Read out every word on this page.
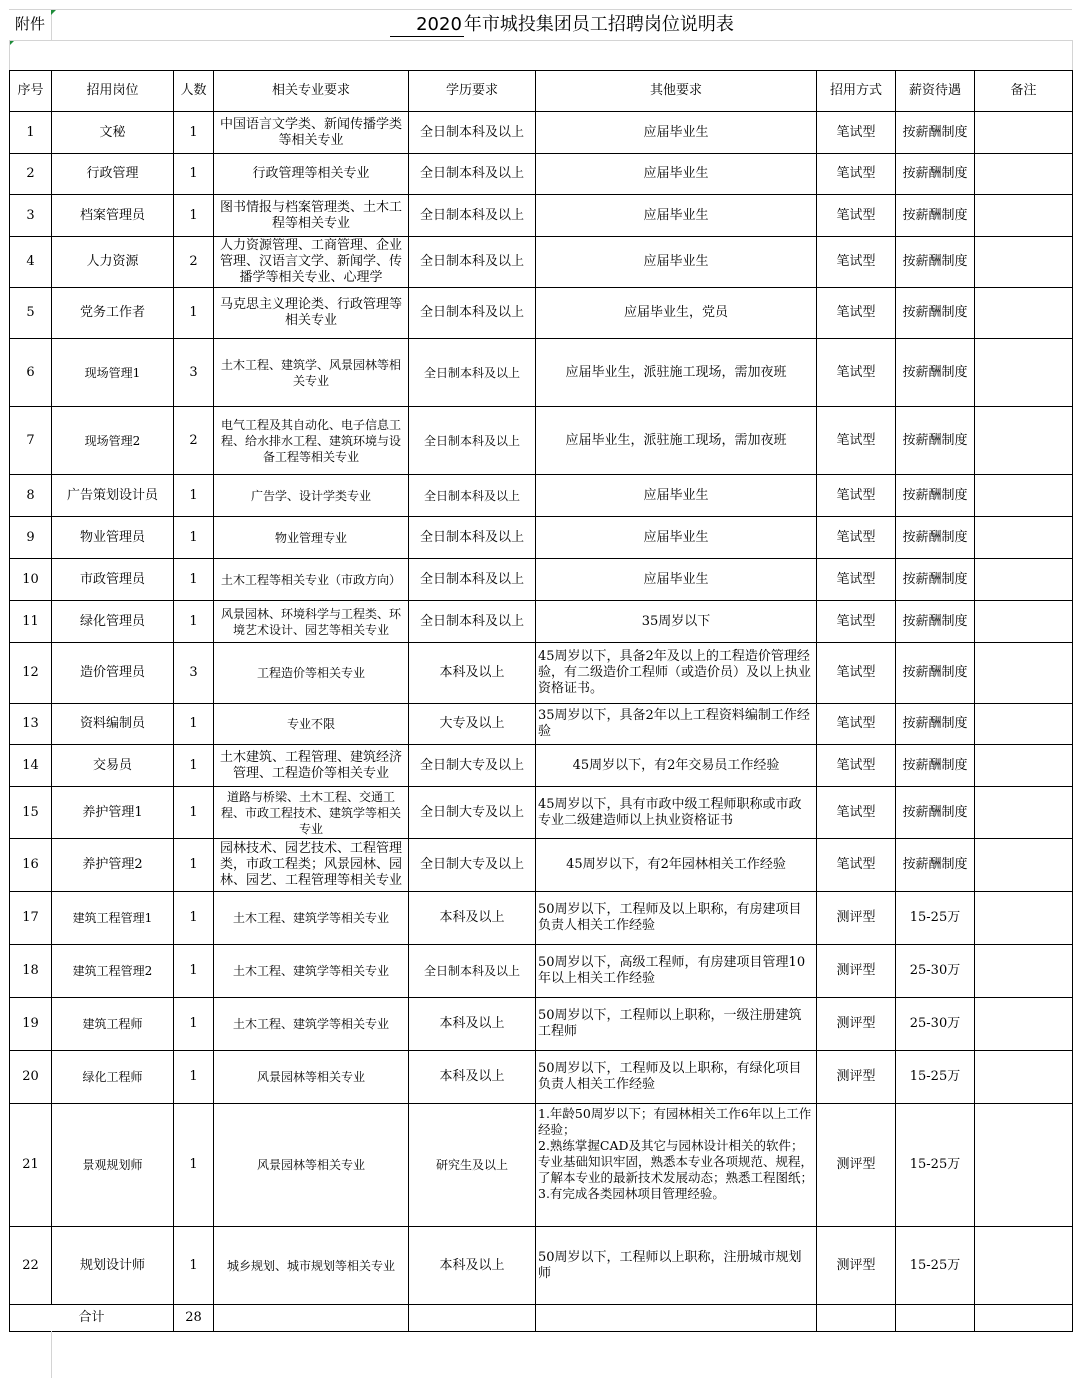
附件	2020 年市城投集团员工招聘岗位说明表
序号	招用岗位	人数	相关专业要求	学历要求	其他要求	招用方式	薪资待遇	备注
1	文秘	1	中国语言文学类、新闻传播学类等相关专业	全日制本科及以上	应届毕业生	笔试型	按薪酬制度	
2	行政管理	1	行政管理等相关专业	全日制本科及以上	应届毕业生	笔试型	按薪酬制度	
3	档案管理员	1	图书情报与档案管理类、土木工程等相关专业	全日制本科及以上	应届毕业生	笔试型	按薪酬制度	
4	人力资源	2	人力资源管理、工商管理、企业管理、汉语言文学、新闻学、传播学等相关专业、心理学	全日制本科及以上	应届毕业生	笔试型	按薪酬制度	
5	党务工作者	1	马克思主义理论类、行政管理等相关专业	全日制本科及以上	应届毕业生，党员	笔试型	按薪酬制度	
6	现场管理1	3	土木工程、建筑学、风景园林等相关专业	全日制本科及以上	应届毕业生，派驻施工现场，需加夜班	笔试型	按薪酬制度	
7	现场管理2	2	电气工程及其自动化、电子信息工程、给水排水工程、建筑环境与设备工程等相关专业	全日制本科及以上	应届毕业生，派驻施工现场，需加夜班	笔试型	按薪酬制度	
8	广告策划设计员	1	广告学、设计学类专业	全日制本科及以上	应届毕业生	笔试型	按薪酬制度	
9	物业管理员	1	物业管理专业	全日制本科及以上	应届毕业生	笔试型	按薪酬制度	
10	市政管理员	1	土木工程等相关专业（市政方向）	全日制本科及以上	应届毕业生	笔试型	按薪酬制度	
11	绿化管理员	1	风景园林、环境科学与工程类、环境艺术设计、园艺等相关专业	全日制本科及以上	35周岁以下	笔试型	按薪酬制度	
12	造价管理员	3	工程造价等相关专业	本科及以上	45周岁以下，具备2年及以上的工程造价管理经验，有二级造价工程师（或造价员）及以上执业资格证书。	笔试型	按薪酬制度	
13	资料编制员	1	专业不限	大专及以上	35周岁以下，具备2年以上工程资料编制工作经验	笔试型	按薪酬制度	
14	交易员	1	土木建筑、工程管理、建筑经济管理、工程造价等相关专业	全日制大专及以上	45周岁以下，有2年交易员工作经验	笔试型	按薪酬制度	
15	养护管理1	1	道路与桥梁、土木工程、交通工程、市政工程技术、建筑学等相关专业	全日制大专及以上	45周岁以下，具有市政中级工程师职称或市政专业二级建造师以上执业资格证书	笔试型	按薪酬制度	
16	养护管理2	1	园林技术、园艺技术、工程管理类，市政工程类；风景园林、园林、园艺、工程管理等相关专业	全日制大专及以上	45周岁以下，有2年园林相关工作经验	笔试型	按薪酬制度	
17	建筑工程管理1	1	土木工程、建筑学等相关专业	本科及以上	50周岁以下，工程师及以上职称，有房建项目负责人相关工作经验	测评型	15-25万	
18	建筑工程管理2	1	土木工程、建筑学等相关专业	全日制本科及以上	50周岁以下，高级工程师，有房建项目管理10年以上相关工作经验	测评型	25-30万	
19	建筑工程师	1	土木工程、建筑学等相关专业	本科及以上	50周岁以下，工程师以上职称，一级注册建筑工程师	测评型	25-30万	
20	绿化工程师	1	风景园林等相关专业	本科及以上	50周岁以下，工程师及以上职称，有绿化项目负责人相关工作经验	测评型	15-25万	
21	景观规划师	1	风景园林等相关专业	研究生及以上	1.年龄50周岁以下；有园林相关工作6年以上工作经验；
2.熟练掌握CAD及其它与园林设计相关的软件；专业基础知识牢固，熟悉本专业各项规范、规程，了解本专业的最新技术发展动态；熟悉工程图纸；
3.有完成各类园林项目管理经验。	测评型	15-25万	
22	规划设计师	1	城乡规划、城市规划等相关专业	本科及以上	50周岁以下，工程师以上职称，注册城市规划师	测评型	15-25万	
合计		28						
